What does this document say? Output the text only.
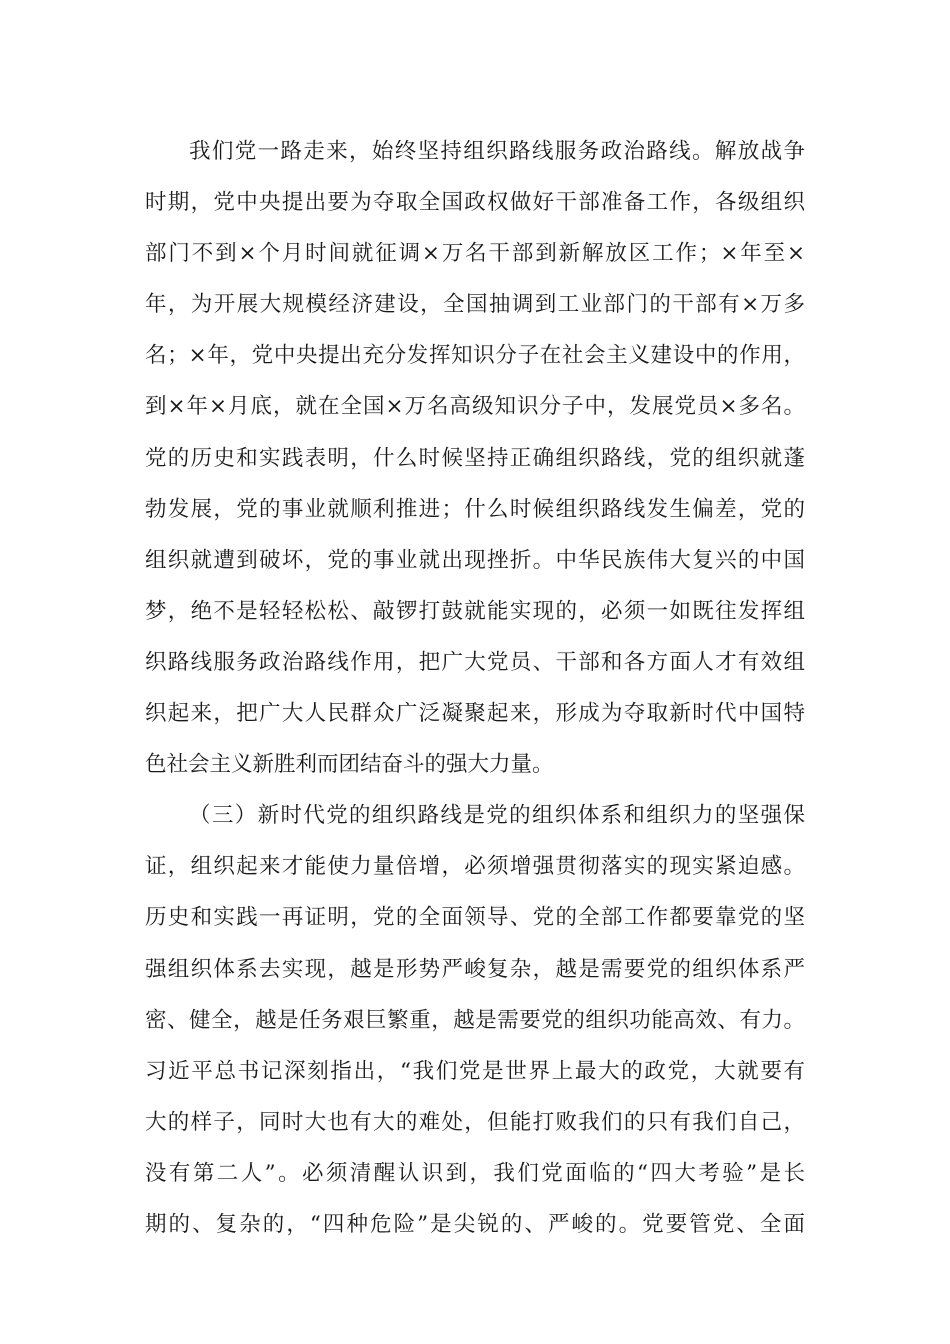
我们党一路走来，始终坚持组织路线服务政治路线。解放战争
时期，党中央提出要为夺取全国政权做好干部准备工作，各级组织
部门不到×个月时间就征调×万名干部到新解放区工作；×年至×
年，为开展大规模经济建设，全国抽调到工业部门的干部有×万多
名；×年，党中央提出充分发挥知识分子在社会主义建设中的作用，
到×年×月底，就在全国×万名高级知识分子中，发展党员×多名。
党的历史和实践表明，什么时候坚持正确组织路线，党的组织就蓬
勃发展，党的事业就顺利推进；什么时候组织路线发生偏差，党的
组织就遭到破坏，党的事业就出现挫折。中华民族伟大复兴的中国
梦，绝不是轻轻松松、敲锣打鼓就能实现的，必须一如既往发挥组
织路线服务政治路线作用，把广大党员、干部和各方面人才有效组
织起来，把广大人民群众广泛凝聚起来，形成为夺取新时代中国特
色社会主义新胜利而团结奋斗的强大力量。
（三）新时代党的组织路线是党的组织体系和组织力的坚强保
证，组织起来才能使力量倍增，必须增强贯彻落实的现实紧迫感。
历史和实践一再证明，党的全面领导、党的全部工作都要靠党的坚
强组织体系去实现，越是形势严峻复杂，越是需要党的组织体系严
密、健全，越是任务艰巨繁重，越是需要党的组织功能高效、有力。
习近平总书记深刻指出，“我们党是世界上最大的政党，大就要有
大的样子，同时大也有大的难处，但能打败我们的只有我们自己，
没有第二人”。必须清醒认识到，我们党面临的“四大考验”是长
期的、复杂的，“四种危险”是尖锐的、严峻的。党要管党、全面
